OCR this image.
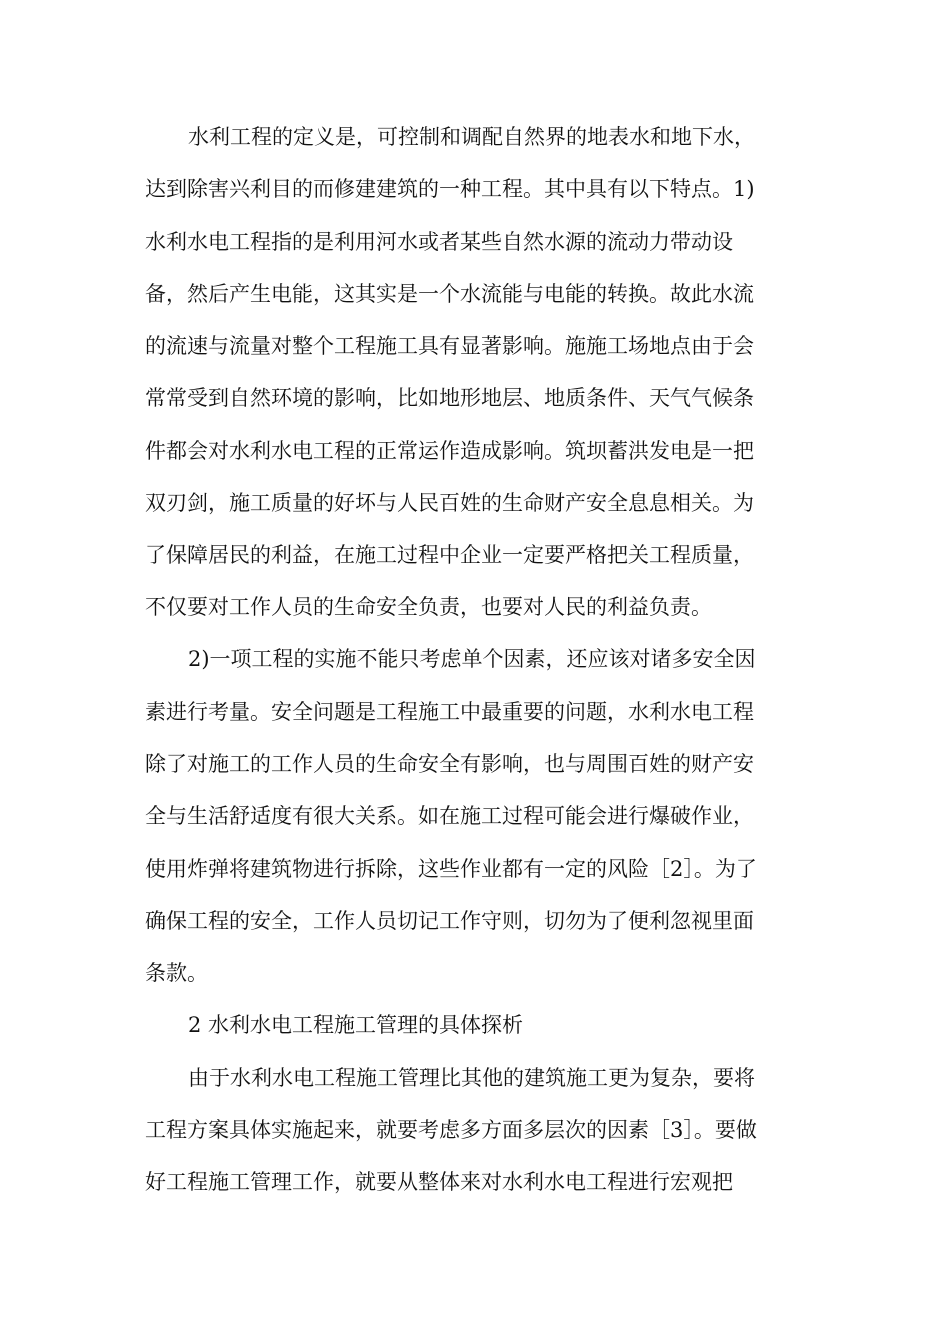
水利工程的定义是，可控制和调配自然界的地表水和地下水，

达到除害兴利目的而修建建筑的一种工程。其中具有以下特点。1)

水利水电工程指的是利用河水或者某些自然水源的流动力带动设

备，然后产生电能，这其实是一个水流能与电能的转换。故此水流

的流速与流量对整个工程施工具有显著影响。施施工场地点由于会

常常受到自然环境的影响，比如地形地层、地质条件、天气气候条

件都会对水利水电工程的正常运作造成影响。筑坝蓄洪发电是一把

双刃剑，施工质量的好坏与人民百姓的生命财产安全息息相关。为

了保障居民的利益，在施工过程中企业一定要严格把关工程质量，

不仅要对工作人员的生命安全负责，也要对人民的利益负责。

2)一项工程的实施不能只考虑单个因素，还应该对诸多安全因

素进行考量。安全问题是工程施工中最重要的问题，水利水电工程

除了对施工的工作人员的生命安全有影响，也与周围百姓的财产安

全与生活舒适度有很大关系。如在施工过程可能会进行爆破作业，

使用炸弹将建筑物进行拆除，这些作业都有一定的风险［2］。为了

确保工程的安全，工作人员切记工作守则，切勿为了便利忽视里面

条款。

2 水利水电工程施工管理的具体探析

由于水利水电工程施工管理比其他的建筑施工更为复杂，要将

工程方案具体实施起来，就要考虑多方面多层次的因素［3］。要做

好工程施工管理工作，就要从整体来对水利水电工程进行宏观把
